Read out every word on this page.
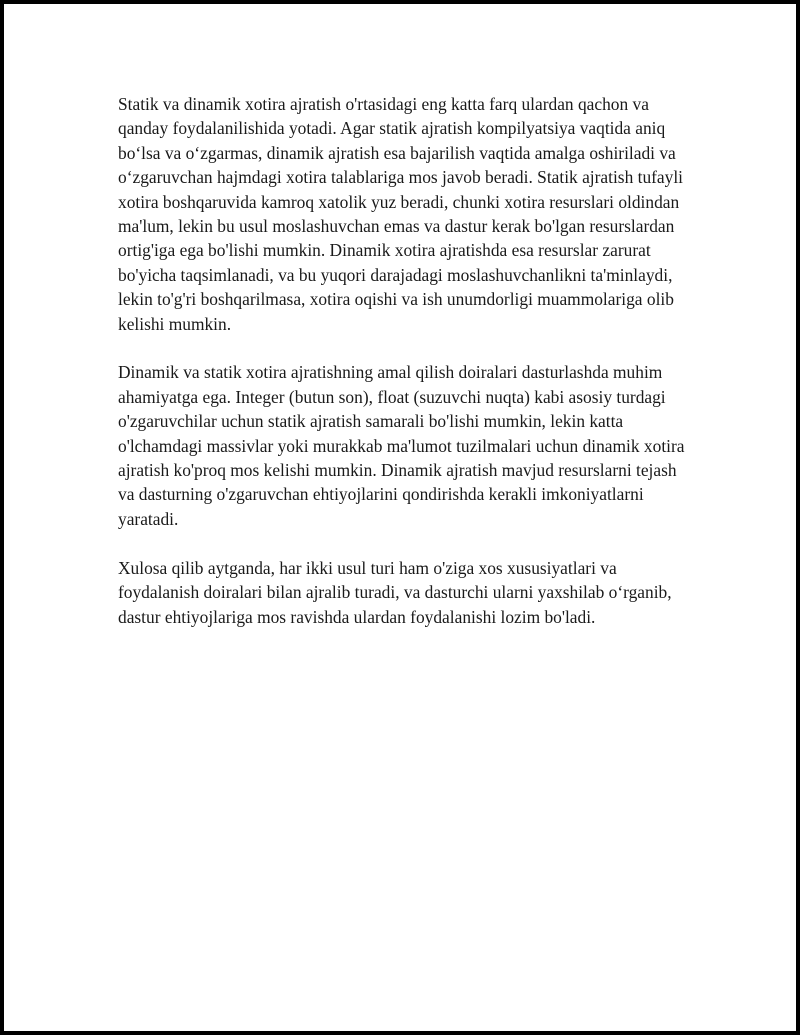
Statik va dinamik xotira ajratish o'rtasidagi eng katta farq ulardan qachon va qanday foydalanilishida yotadi. Agar statik ajratish kompilyatsiya vaqtida aniq bo‘lsa va o‘zgarmas, dinamik ajratish esa bajarilish vaqtida amalga oshiriladi va o‘zgaruvchan hajmdagi xotira talablariga mos javob beradi. Statik ajratish tufayli xotira boshqaruvida kamroq xatolik yuz beradi, chunki xotira resurslari oldindan ma'lum, lekin bu usul moslashuvchan emas va dastur kerak bo'lgan resurslardan ortig'iga ega bo'lishi mumkin. Dinamik xotira ajratishda esa resurslar zarurat bo'yicha taqsimlanadi, va bu yuqori darajadagi moslashuvchanlikni ta'minlaydi, lekin to'g'ri boshqarilmasa, xotira oqishi va ish unumdorligi muammolariga olib kelishi mumkin.

Dinamik va statik xotira ajratishning amal qilish doiralari dasturlashda muhim ahamiyatga ega. Integer (butun son), float (suzuvchi nuqta) kabi asosiy turdagi o'zgaruvchilar uchun statik ajratish samarali bo'lishi mumkin, lekin katta o'lchamdagi massivlar yoki murakkab ma'lumot tuzilmalari uchun dinamik xotira ajratish ko'proq mos kelishi mumkin. Dinamik ajratish mavjud resurslarni tejash va dasturning o'zgaruvchan ehtiyojlarini qondirishda kerakli imkoniyatlarni yaratadi.

Xulosa qilib aytganda, har ikki usul turi ham o'ziga xos xususiyatlari va foydalanish doiralari bilan ajralib turadi, va dasturchi ularni yaxshilab o‘rganib, dastur ehtiyojlariga mos ravishda ulardan foydalanishi lozim bo'ladi.
